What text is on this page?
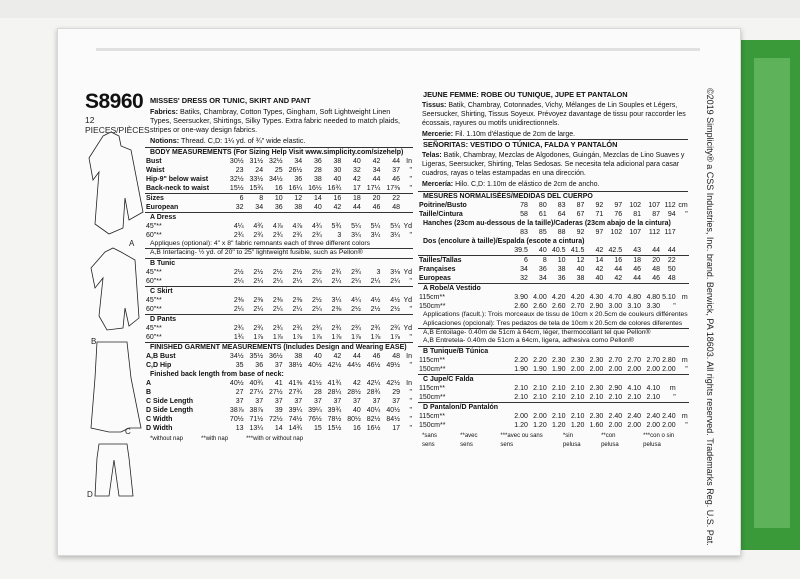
©2019 Simplicity® a CSS Industries, Inc. brand. Berwick, PA 18603. All rights reserved. Trademarks Reg. U.S. Pat.
S8960
12 PIECES/PIÈCES
A
B
C
D
MISSES' DRESS OR TUNIC, SKIRT AND PANT
Fabrics: Batiks, Chambray, Cotton Types, Gingham, Soft Lightweight Linen Types, Seersucker, Shirtings, Silky Types. Extra fabric needed to match plaids, stripes or one-way design fabrics.
Notions: Thread. C,D: 1¼ yd. of ¾" wide elastic.
BODY MEASUREMENTS (For Sizing Help Visit www.simplicity.com/sizehelp)
Bust	30½	31½	32½	34	36	38	40	42	44	In
Waist	23	24	25	26½	28	30	32	34	37	"
Hip-9" below waist	32½	33½	34½	36	38	40	42	44	46	"
Back-neck to waist	15½	15¾	16	16¼	16½	16¾	17	17¼	17⅜	"
Sizes	6	8	10	12	14	16	18	20	22	
European	32	34	36	38	40	42	44	46	48	
A Dress										
45"**	4¼	4¾	4⅞	4⅞	4¾	5¾	5¼	5¼	5¼	Yd
60"**	2¾	2¾	2¾	2¾	2¾	3	3¼	3¼	3¼	"
Appliques (optional): 4" x 8" fabric remnants each of three different colors										
A,B Interfacing- ½ yd. of 20" to 25" lightweight fusible, such as Pellon®										
B Tunic										
45"**	2½	2½	2½	2½	2½	2¾	2¾	3	3⅛	Yd
60"**	2¼	2¼	2¼	2¼	2¼	2¼	2¼	2¼	2¼	"
C Skirt										
45"**	2⅜	2⅜	2⅜	2⅜	2½	3¼	4¼	4½	4½	Yd
60"**	2¼	2¼	2¼	2¼	2¼	2⅜	2½	2½	2½	"
D Pants										
45"**	2¾	2¾	2¾	2¾	2¾	2¾	2¾	2¾	2¾	Yd
60"**	1¾	1⅞	1⅞	1⅞	1⅞	1⅞	1⅞	1⅞	1⅞	"
FINISHED GARMENT MEASUREMENTS (Includes Design and Wearing EASE)										
A,B Bust	34½	35½	36½	38	40	42	44	46	48	In
C,D Hip	35	36	37	38½	40½	42½	44½	46½	49½	"
Finished back length from base of neck:										
A	40½	40¾	41	41⅜	41½	41¾	42	42¼	42½	In
B	27	27¼	27½	27¾	28	28¼	28½	28¾	29	"
C Side Length	37	37	37	37	37	37	37	37	37	"
D Side Length	38⅞	38⅞	39	39¼	39¼	39¾	40	40¼	40½	"
C Width	70½	71½	72½	74½	76½	78½	80½	82½	84½	"
D Width	13	13¼	14	14¾	15	15½	16	16½	17	"
*without nap	**with nap	***with or without nap
JEUNE FEMME: ROBE OU TUNIQUE, JUPE ET PANTALON
Tissus: Batik, Chambray, Cotonnades, Vichy, Mélanges de Lin Souples et Légers, Seersucker, Shirting, Tissus Soyeux. Prévoyez davantage de tissu pour raccorder les écossais, rayures ou motifs unidirectionnels.
Mercerie: Fil. 1.10m d'élastique de 2cm de large.
SEÑORITAS: VESTIDO O TÚNICA, FALDA Y PANTALÓN
Telas: Batik, Chambray, Mezclas de Algodones, Guingán, Mezclas de Lino Suaves y Ligeras, Seersucker, Shirting, Telas Sedosas. Se necesita tela adicional para casar cuadros, rayas o telas estampadas en una dirección.
Mercería: Hilo. C,D: 1.10m de elástico de 2cm de ancho.
MESURES NORMALISÉES/MEDIDAS DEL CUERPO
Poitrine/Busto	78	80	83	87	92	97	102	107	112	cm
Taille/Cintura	58	61	64	67	71	76	81	87	94	"
Hanches (23cm au-dessous de la taille)/Caderas (23cm abajo de la cintura)										
	83	85	88	92	97	102	107	112	117	
Dos (encolure à taille)/Espalda (escote a cintura)										
	39.5	40	40.5	41.5	42	42.5	43	44	44	
Tailles/Tallas	6	8	10	12	14	16	18	20	22	
Françaises	34	36	38	40	42	44	46	48	50	
Europeas	32	34	36	38	40	42	44	46	48	
A Robe/A Vestido										
115cm**	3.90	4.00	4.20	4.20	4.30	4.70	4.80	4.80	5.10	m
150cm**	2.60	2.60	2.60	2.70	2.90	3.00	3.10	3.30	"	
Applications (facult.): Trois morceaux de tissu de 10cm x 20.5cm de couleurs différentes										
Aplicaciones (opcional): Tres pedazos de tela de 10cm x 20.5cm de colores diferentes										
A,B Entoilage- 0.40m de 51cm à 64cm, léger, thermocollant tel que Pellon®										
A,B Entretela- 0.40m de 51cm a 64cm, ligera, adhesiva como Pellon®										
B Tunique/B Túnica										
115cm**	2.20	2.20	2.30	2.30	2.30	2.70	2.70	2.70	2.80	m
150cm**	1.90	1.90	1.90	2.00	2.00	2.00	2.00	2.00	2.00	"
C Jupe/C Falda										
115cm**	2.10	2.10	2.10	2.10	2.30	2.90	4.10	4.10	m	
150cm**	2.10	2.10	2.10	2.10	2.10	2.10	2.10	2.10	"	
D Pantalon/D Pantalón										
115cm**	2.00	2.00	2.10	2.10	2.30	2.40	2.40	2.40	2.40	m
150cm**	1.20	1.20	1.20	1.20	1.60	2.00	2.00	2.00	2.00	"
*sans sens
**avec sens
***avec ou sans sens
*sin pelusa
**con pelusa
***con o sin pelusa
